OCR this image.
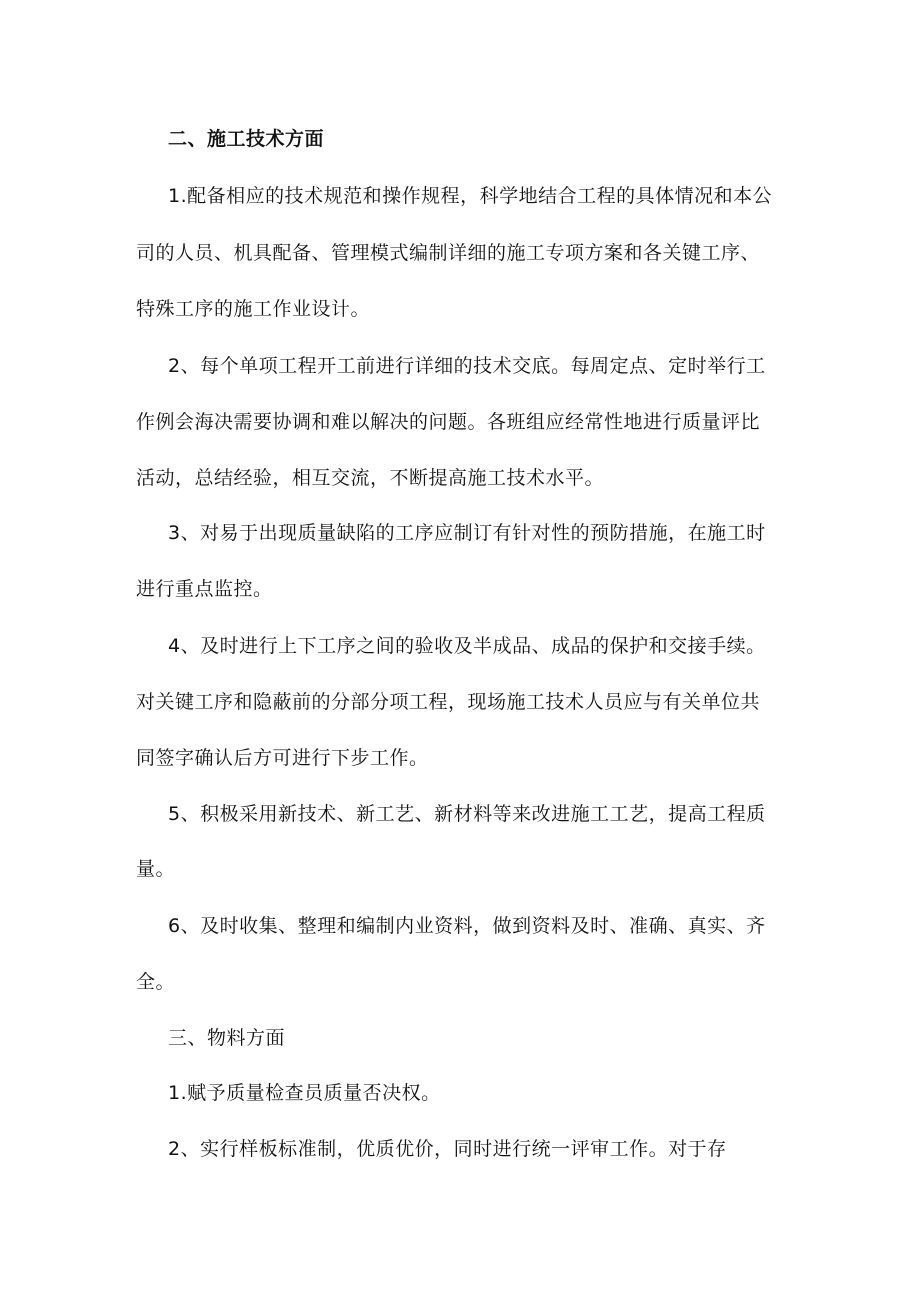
二、施工技术方面
1.配备相应的技术规范和操作规程，科学地结合工程的具体情况和本公
司的人员、机具配备、管理模式编制详细的施工专项方案和各关键工序、
特殊工序的施工作业设计。
2、每个单项工程开工前进行详细的技术交底。每周定点、定时举行工
作例会海决需要协调和难以解决的问题。各班组应经常性地进行质量评比
活动，总结经验，相互交流，不断提高施工技术水平。
3、对易于出现质量缺陷的工序应制订有针对性的预防措施，在施工时
进行重点监控。
4、及时进行上下工序之间的验收及半成品、成品的保护和交接手续。
对关键工序和隐蔽前的分部分项工程，现场施工技术人员应与有关单位共
同签字确认后方可进行下步工作。
5、积极采用新技术、新工艺、新材料等来改进施工工艺，提高工程质
量。
6、及时收集、整理和编制内业资料，做到资料及时、准确、真实、齐
全。
三、物料方面
1.赋予质量检查员质量否决权。
2、实行样板标准制，优质优价，同时进行统一评审工作。对于存
